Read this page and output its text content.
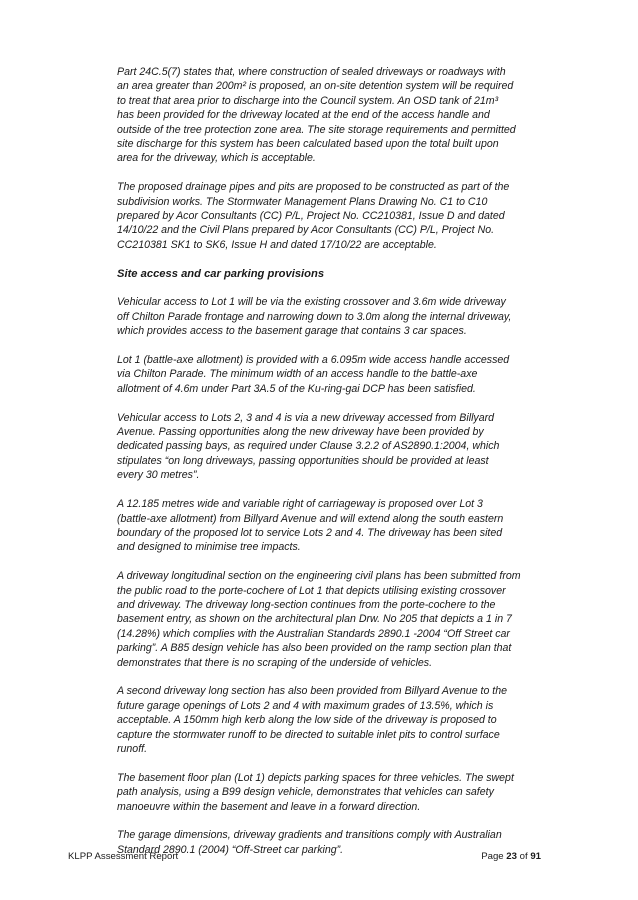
Part 24C.5(7) states that, where construction of sealed driveways or roadways with
an area greater than 200m² is proposed, an on-site detention system will be required
to treat that area prior to discharge into the Council system. An OSD tank of 21m³
has been provided for the driveway located at the end of the access handle and
outside of the tree protection zone area. The site storage requirements and permitted
site discharge for this system has been calculated based upon the total built upon
area for the driveway, which is acceptable.

The proposed drainage pipes and pits are proposed to be constructed as part of the
subdivision works. The Stormwater Management Plans Drawing No. C1 to C10
prepared by Acor Consultants (CC) P/L, Project No. CC210381, Issue D and dated
14/10/22 and the Civil Plans prepared by Acor Consultants (CC) P/L, Project No.
CC210381 SK1 to SK6, Issue H and dated 17/10/22 are acceptable.

Site access and car parking provisions

Vehicular access to Lot 1 will be via the existing crossover and 3.6m wide driveway
off Chilton Parade frontage and narrowing down to 3.0m along the internal driveway,
which provides access to the basement garage that contains 3 car spaces.

Lot 1 (battle-axe allotment) is provided with a 6.095m wide access handle accessed
via Chilton Parade. The minimum width of an access handle to the battle-axe
allotment of 4.6m under Part 3A.5 of the Ku-ring-gai DCP has been satisfied.

Vehicular access to Lots 2, 3 and 4 is via a new driveway accessed from Billyard
Avenue. Passing opportunities along the new driveway have been provided by
dedicated passing bays, as required under Clause 3.2.2 of AS2890.1:2004, which
stipulates “on long driveways, passing opportunities should be provided at least
every 30 metres”.

A 12.185 metres wide and variable right of carriageway is proposed over Lot 3
(battle-axe allotment) from Billyard Avenue and will extend along the south eastern
boundary of the proposed lot to service Lots 2 and 4. The driveway has been sited
and designed to minimise tree impacts.

A driveway longitudinal section on the engineering civil plans has been submitted from
the public road to the porte-cochere of Lot 1 that depicts utilising existing crossover
and driveway. The driveway long-section continues from the porte-cochere to the
basement entry, as shown on the architectural plan Drw. No 205 that depicts a 1 in 7
(14.28%) which complies with the Australian Standards 2890.1 -2004 “Off Street car
parking”. A B85 design vehicle has also been provided on the ramp section plan that
demonstrates that there is no scraping of the underside of vehicles.

A second driveway long section has also been provided from Billyard Avenue to the
future garage openings of Lots 2 and 4 with maximum grades of 13.5%, which is
acceptable. A 150mm high kerb along the low side of the driveway is proposed to
capture the stormwater runoff to be directed to suitable inlet pits to control surface
runoff.

The basement floor plan (Lot 1) depicts parking spaces for three vehicles. The swept
path analysis, using a B99 design vehicle, demonstrates that vehicles can safety
manoeuvre within the basement and leave in a forward direction.

The garage dimensions, driveway gradients and transitions comply with Australian
Standard 2890.1 (2004) “Off-Street car parking”.

KLPP Assessment Report	Page 23 of 91
